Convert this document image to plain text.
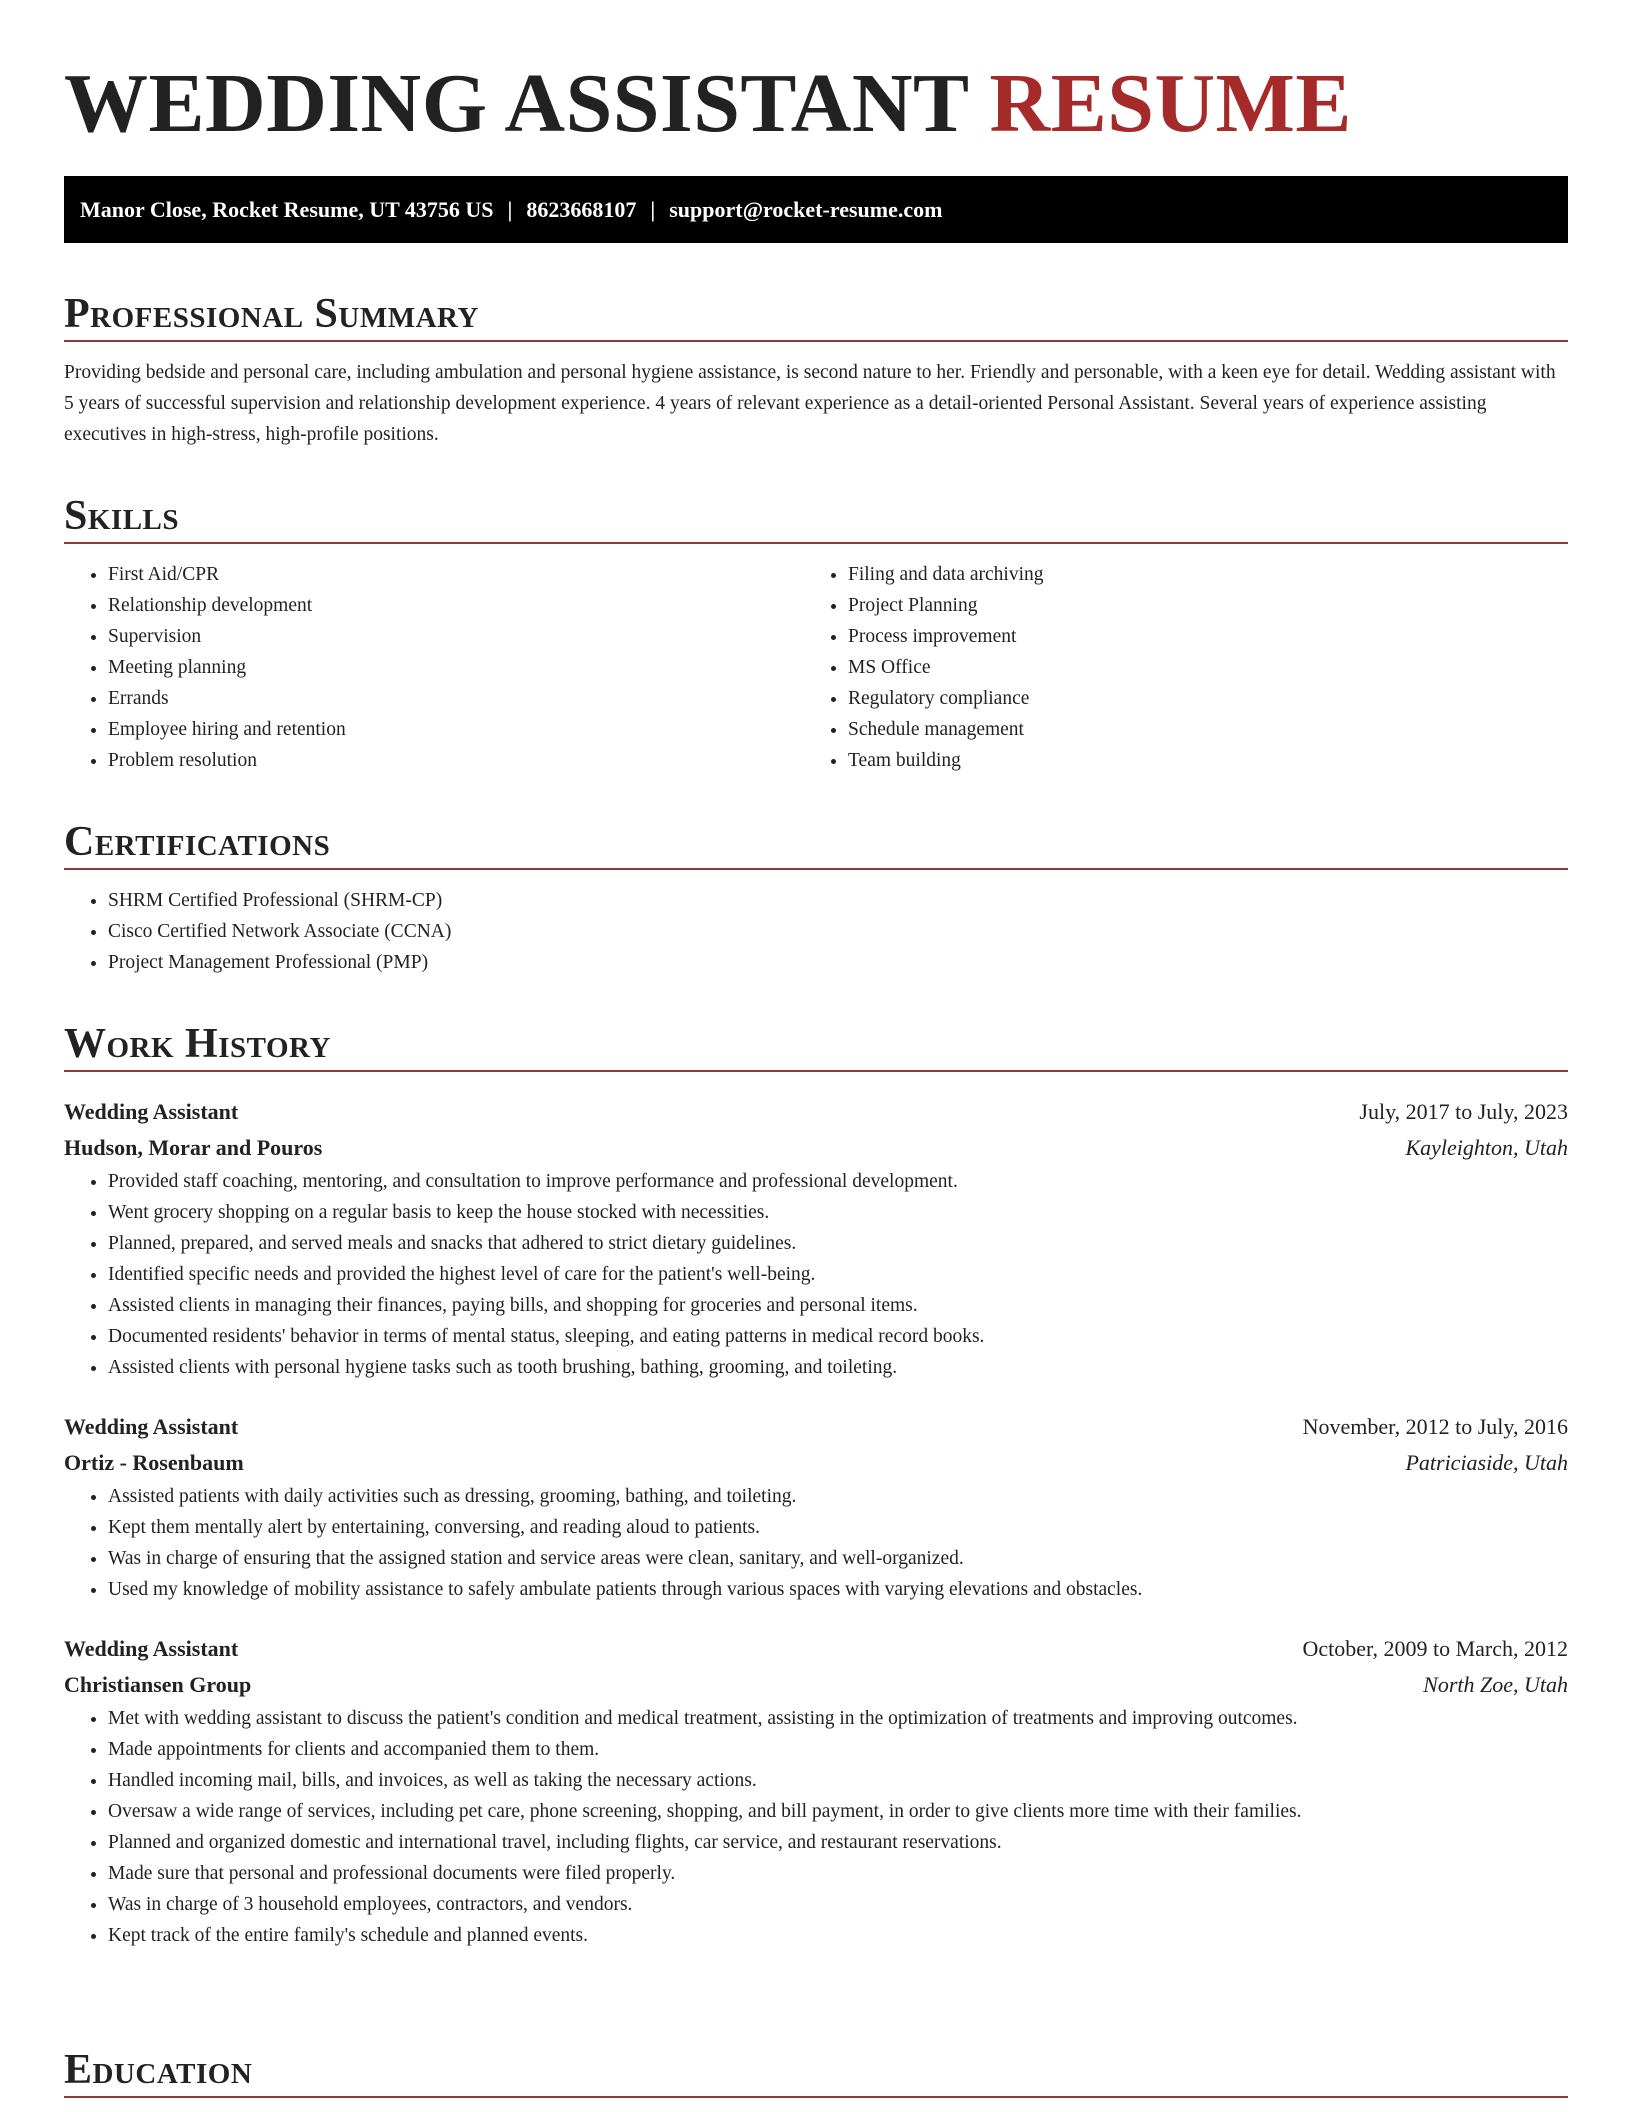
WEDDING ASSISTANT RESUME
Manor Close, Rocket Resume, UT 43756 US | 8623668107 | support@rocket-resume.com
Professional Summary

Providing bedside and personal care, including ambulation and personal hygiene assistance, is second nature to her. Friendly and personable, with a keen eye for detail. Wedding assistant with 5 years of successful supervision and relationship development experience. 4 years of relevant experience as a detail-oriented Personal Assistant. Several years of experience assisting executives in high-stress, high-profile positions.

Skills
• First Aid/CPR
• Relationship development
• Supervision
• Meeting planning
• Errands
• Employee hiring and retention
• Problem resolution
• Filing and data archiving
• Project Planning
• Process improvement
• MS Office
• Regulatory compliance
• Schedule management
• Team building
Certifications
• SHRM Certified Professional (SHRM-CP)
• Cisco Certified Network Associate (CCNA)
• Project Management Professional (PMP)
Work History
Wedding Assistant	July, 2017 to July, 2023
Hudson, Morar and Pouros	Kayleighton, Utah
• Provided staff coaching, mentoring, and consultation to improve performance and professional development.
• Went grocery shopping on a regular basis to keep the house stocked with necessities.
• Planned, prepared, and served meals and snacks that adhered to strict dietary guidelines.
• Identified specific needs and provided the highest level of care for the patient's well-being.
• Assisted clients in managing their finances, paying bills, and shopping for groceries and personal items.
• Documented residents' behavior in terms of mental status, sleeping, and eating patterns in medical record books.
• Assisted clients with personal hygiene tasks such as tooth brushing, bathing, grooming, and toileting.
Wedding Assistant	November, 2012 to July, 2016
Ortiz - Rosenbaum	Patriciaside, Utah
• Assisted patients with daily activities such as dressing, grooming, bathing, and toileting.
• Kept them mentally alert by entertaining, conversing, and reading aloud to patients.
• Was in charge of ensuring that the assigned station and service areas were clean, sanitary, and well-organized.
• Used my knowledge of mobility assistance to safely ambulate patients through various spaces with varying elevations and obstacles.
Wedding Assistant	October, 2009 to March, 2012
Christiansen Group	North Zoe, Utah
• Met with wedding assistant to discuss the patient's condition and medical treatment, assisting in the optimization of treatments and improving outcomes.
• Made appointments for clients and accompanied them to them.
• Handled incoming mail, bills, and invoices, as well as taking the necessary actions.
• Oversaw a wide range of services, including pet care, phone screening, shopping, and bill payment, in order to give clients more time with their families.
• Planned and organized domestic and international travel, including flights, car service, and restaurant reservations.
• Made sure that personal and professional documents were filed properly.
• Was in charge of 3 household employees, contractors, and vendors.
• Kept track of the entire family's schedule and planned events.
Education
